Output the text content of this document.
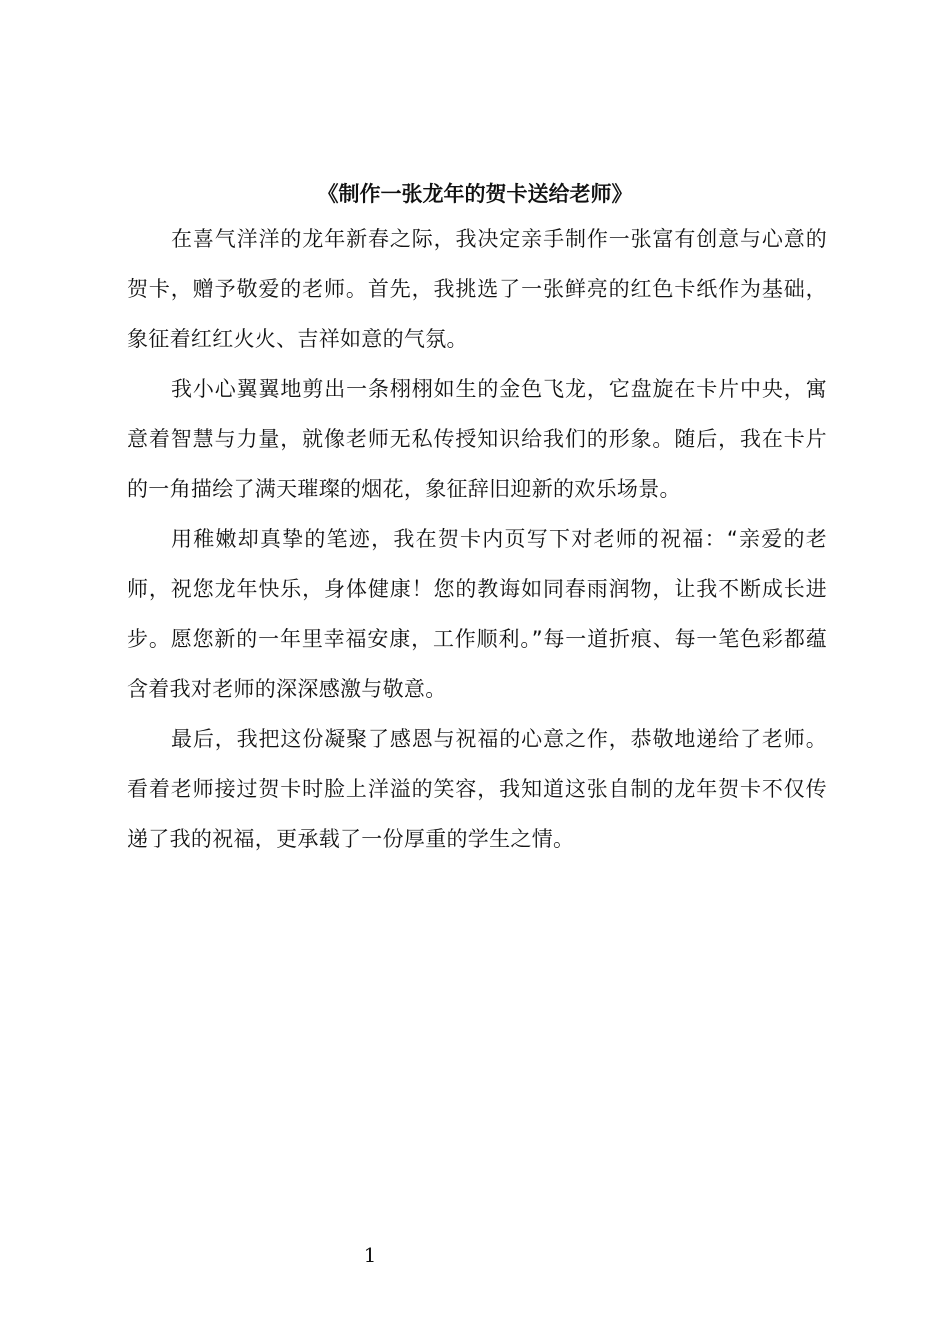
《制作一张龙年的贺卡送给老师》

在喜气洋洋的龙年新春之际，我决定亲手制作一张富有创意与心意的贺卡，赠予敬爱的老师。首先，我挑选了一张鲜亮的红色卡纸作为基础，象征着红红火火、吉祥如意的气氛。

我小心翼翼地剪出一条栩栩如生的金色飞龙，它盘旋在卡片中央，寓意着智慧与力量，就像老师无私传授知识给我们的形象。随后，我在卡片的一角描绘了满天璀璨的烟花，象征辞旧迎新的欢乐场景。

用稚嫩却真挚的笔迹，我在贺卡内页写下对老师的祝福：“亲爱的老师，祝您龙年快乐，身体健康！您的教诲如同春雨润物，让我不断成长进步。愿您新的一年里幸福安康，工作顺利。”每一道折痕、每一笔色彩都蕴含着我对老师的深深感激与敬意。

最后，我把这份凝聚了感恩与祝福的心意之作，恭敬地递给了老师。看着老师接过贺卡时脸上洋溢的笑容，我知道这张自制的龙年贺卡不仅传递了我的祝福，更承载了一份厚重的学生之情。

1
